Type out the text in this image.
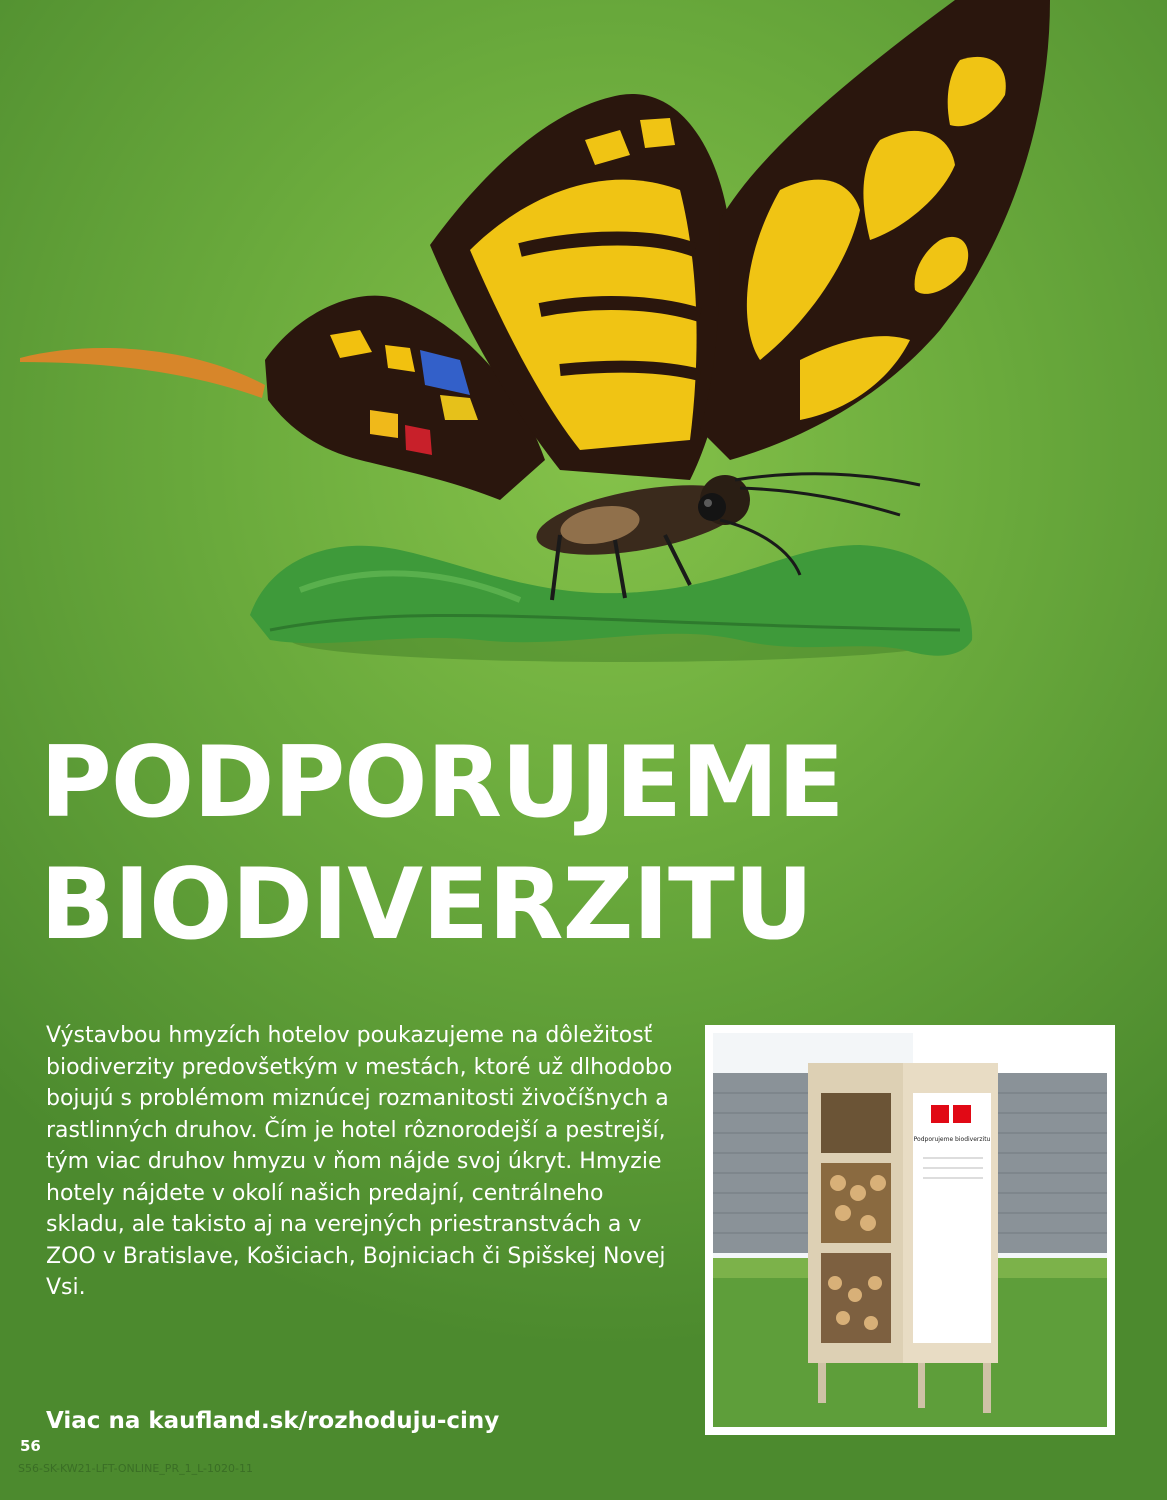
PODPORUJEME
BIODIVERZITU

Výstavbou hmyzích hotelov poukazujeme na dôležitosť biodiverzity predovšetkým v mestách, ktoré už dlhodobo bojujú s problémom miznúcej rozmanitosti živočíšnych a rastlinných druhov. Čím je hotel rôznorodejší a pestrejší, tým viac druhov hmyzu v ňom nájde svoj úkryt. Hmyzie hotely nájdete v okolí našich predajní, centrálneho skladu, ale takisto aj na verejných priestranstvách a v ZOO v Bratislave, Košiciach, Bojniciach či Spišskej Novej Vsi.

Podporujeme biodiverzitu
Viac na kaufland.sk/rozhoduju-ciny
56
S56-SK-KW21-LFT-ONLINE_PR_1_L-1020-11
